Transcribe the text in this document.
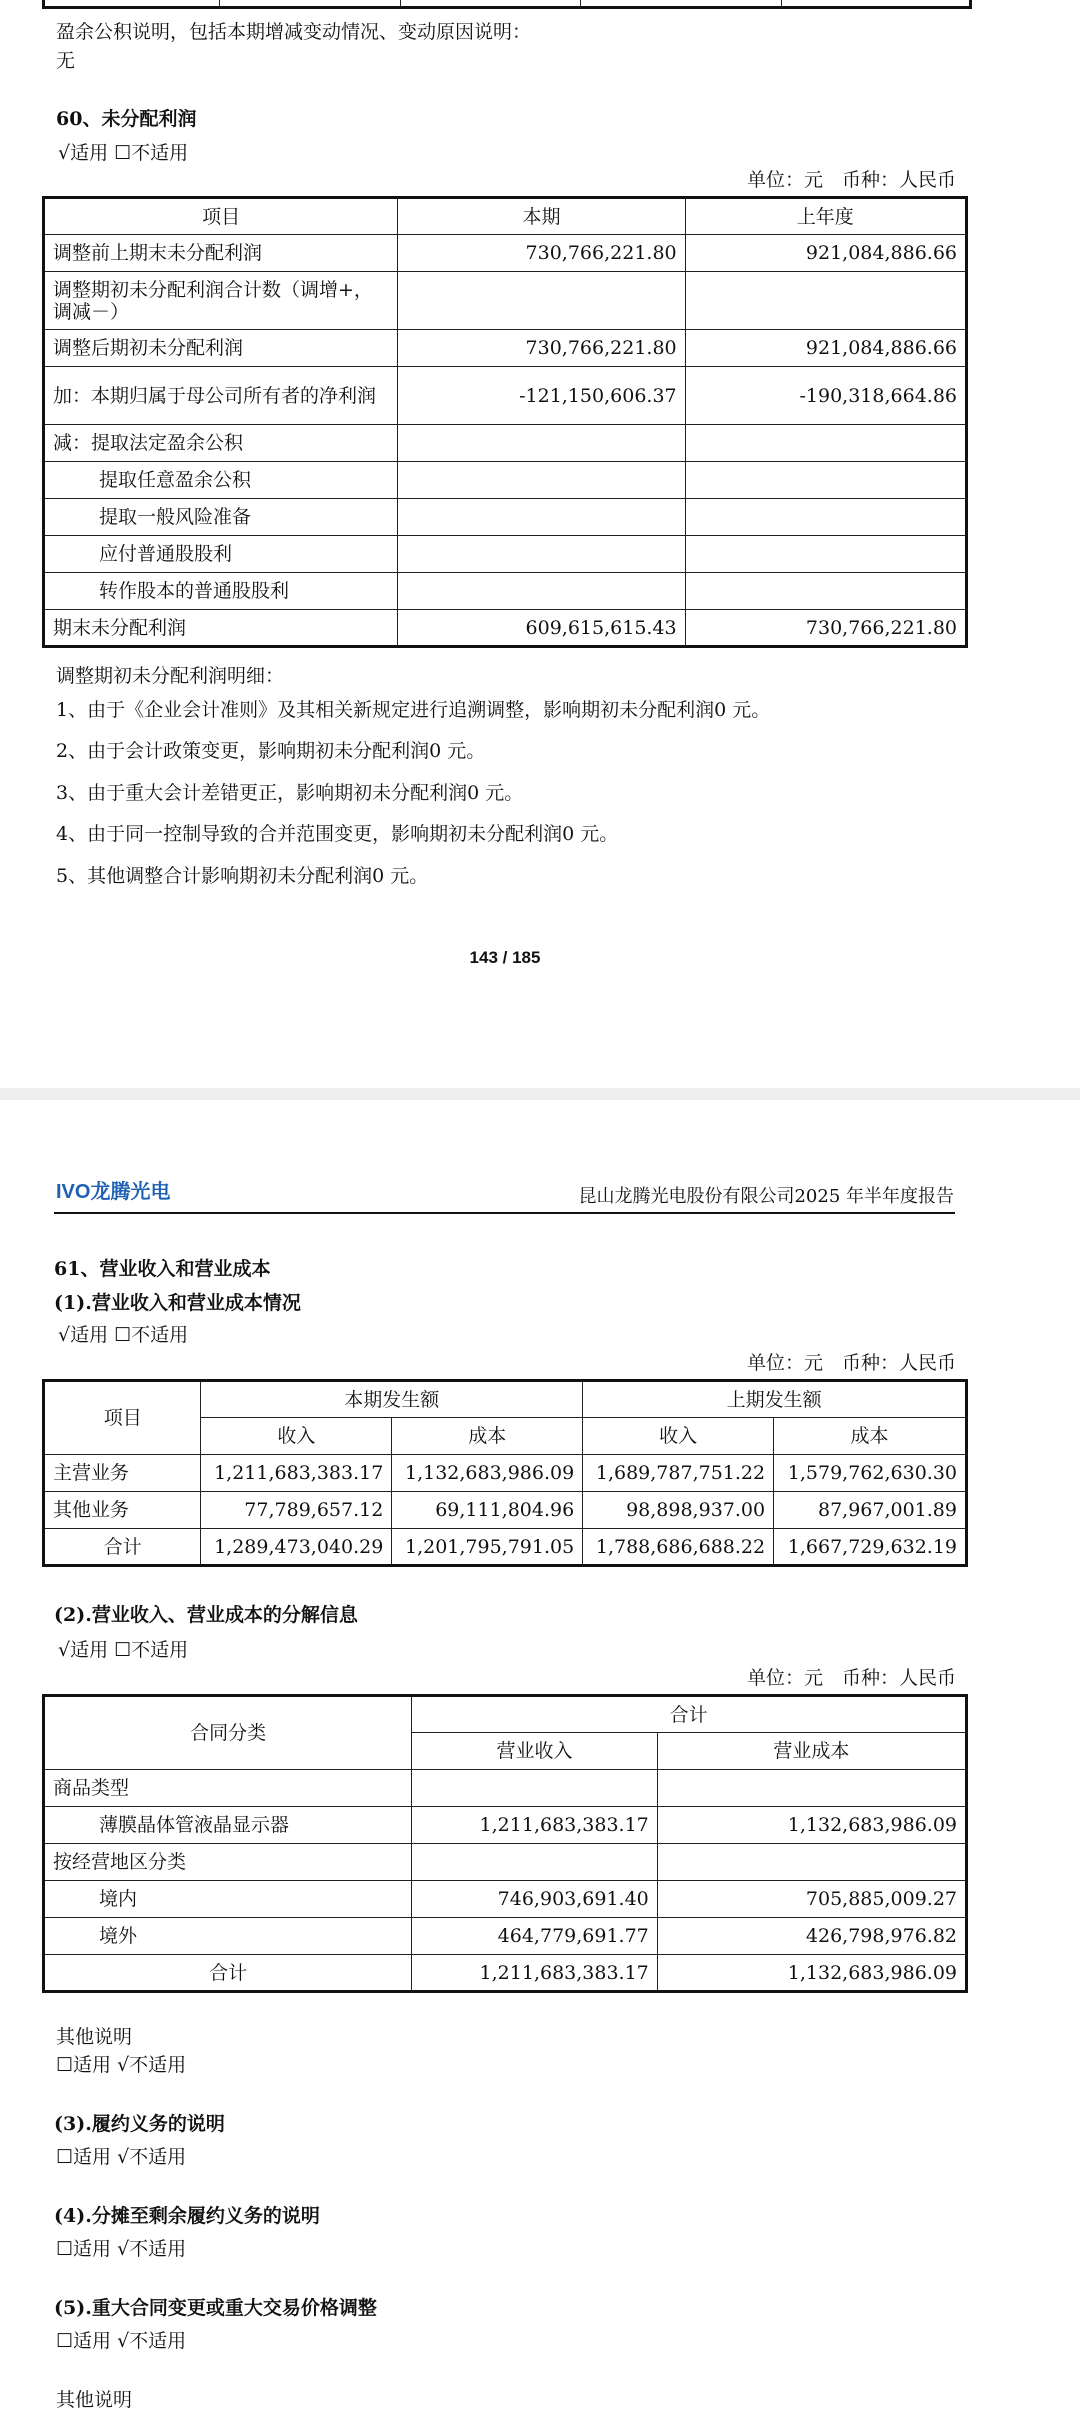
盈余公积说明，包括本期增减变动情况、变动原因说明：
无
60、未分配利润
√适用 ☐不适用
单位：元　币种：人民币
项目	本期	上年度
调整前上期末未分配利润	730,766,221.80	921,084,886.66
调整期初未分配利润合计数（调增+，调减－）		
调整后期初未分配利润	730,766,221.80	921,084,886.66
加：本期归属于母公司所有者的净利润	-121,150,606.37	-190,318,664.86
减：提取法定盈余公积		
提取任意盈余公积		
提取一般风险准备		
应付普通股股利		
转作股本的普通股股利		
期末未分配利润	609,615,615.43	730,766,221.80
调整期初未分配利润明细：
1、由于《企业会计准则》及其相关新规定进行追溯调整，影响期初未分配利润0 元。
2、由于会计政策变更，影响期初未分配利润0 元。
3、由于重大会计差错更正，影响期初未分配利润0 元。
4、由于同一控制导致的合并范围变更，影响期初未分配利润0 元。
5、其他调整合计影响期初未分配利润0 元。
143 / 185
IVO龙腾光电	昆山龙腾光电股份有限公司2025 年半年度报告
61、营业收入和营业成本
(1).营业收入和营业成本情况
√适用 ☐不适用
单位：元　币种：人民币
项目	本期发生额		上期发生额	
	收入	成本	收入	成本
主营业务	1,211,683,383.17	1,132,683,986.09	1,689,787,751.22	1,579,762,630.30
其他业务	77,789,657.12	69,111,804.96	98,898,937.00	87,967,001.89
合计	1,289,473,040.29	1,201,795,791.05	1,788,686,688.22	1,667,729,632.19
(2).营业收入、营业成本的分解信息
√适用 ☐不适用
单位：元　币种：人民币
合同分类	合计	
	营业收入	营业成本
商品类型		
薄膜晶体管液晶显示器	1,211,683,383.17	1,132,683,986.09
按经营地区分类		
境内	746,903,691.40	705,885,009.27
境外	464,779,691.77	426,798,976.82
合计	1,211,683,383.17	1,132,683,986.09
其他说明
☐适用 √不适用
(3).履约义务的说明
☐适用 √不适用
(4).分摊至剩余履约义务的说明
☐适用 √不适用
(5).重大合同变更或重大交易价格调整
☐适用 √不适用
其他说明
